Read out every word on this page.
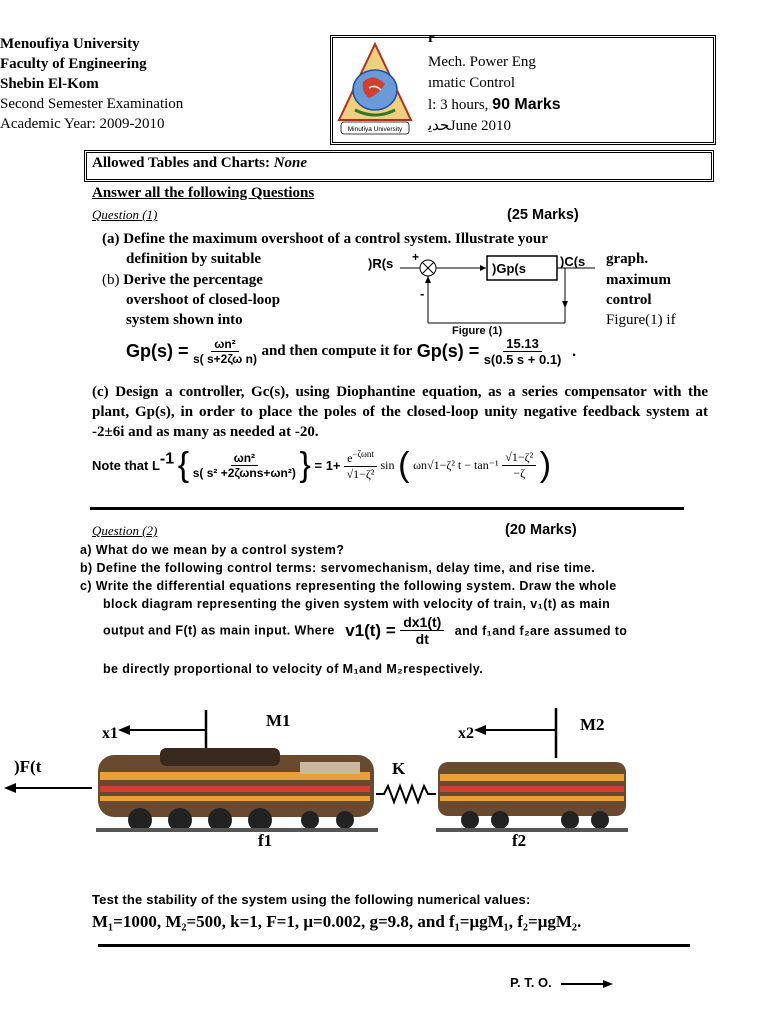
Menoufiya University
Faculty of Engineering
Shebin El-Kom
Second Semester Examination
Academic Year: 2009-2010	Minufiya University
r
Mech. Power Eng
ımatic Control
l: 3 hours, 90 Marks
ﺤﺪﻳJune 2010
Allowed Tables and Charts: None
Answer all the following Questions
Question (1)	(25 Marks)
(a) Define the maximum overshoot of a control system. Illustrate your
definition by suitable	graph.
(b) Derive the percentage
overshoot of closed-loop
system shown into
maximum
control
Figure(1) if
)R(s +
)Gp(s	)C(s
-
Figure (1)
$Gp(s) = \frac{\text{ωn²}}{\text{s( s+2ζω n)}}$ and then compute it for $Gp(s) = \frac{15.13}{s(0.5 s + 0.1)}$ .
(c) Design a controller, Gc(s), using Diophantine equation, as a series compensator with the plant, Gp(s), in order to place the poles of the closed-loop unity negative feedback system at -2±6i and as many as needed at -20.
Note that $L^{-1}$ { $\frac{\text{ωn²}}{\text{s( s² +2ζωns+ωn²)}}$ } = $1+ \frac{e^{-\zeta\omega nt}}{\text{√1−ζ²}}$ sin ( ωn√1−ζ² $t - \tan^{-1} \frac{\text{√1−ζ²}}{-\zeta}$ )
Question (2)	(20 Marks)
a) What do we mean by a control system?
b) Define the following control terms: servomechanism, delay time, and rise time.
c) Write the differential equations representing the following system. Draw the whole
block diagram representing the given system with velocity of train, v₁(t) as main
output and F(t) as main input. Where $v1(t) = \frac{dx1(t)}{dt}$ and f₁and f₂are assumed to
be directly proportional to velocity of M₁and M₂respectively.
)F(t
x1
M1
K
x2	M2
f1	f2
Test the stability of the system using the following numerical values:
M₁=1000, M₂=500, k=1, F=1, μ=0.002, g=9.8, and f₁=μgM₁, f₂=μgM₂.
P. T. O.
